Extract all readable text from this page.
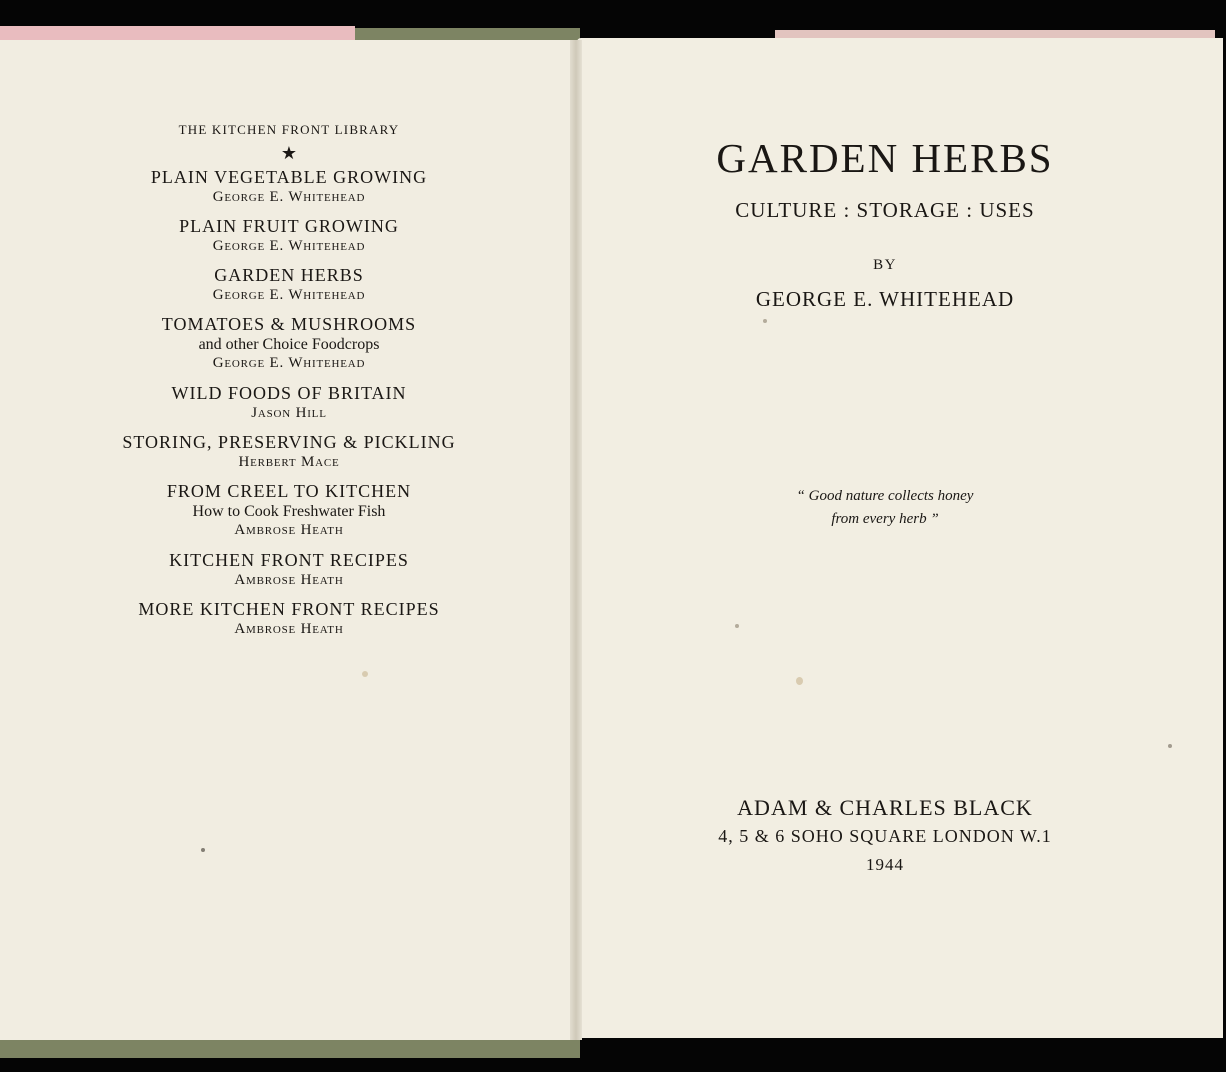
THE KITCHEN FRONT LIBRARY
★
PLAIN VEGETABLE GROWING
George E. Whitehead
PLAIN FRUIT GROWING
George E. Whitehead
GARDEN HERBS
George E. Whitehead
TOMATOES & MUSHROOMS
and other Choice Foodcrops
George E. Whitehead
WILD FOODS OF BRITAIN
Jason Hill
STORING, PRESERVING & PICKLING
Herbert Mace
FROM CREEL TO KITCHEN
How to Cook Freshwater Fish
Ambrose Heath
KITCHEN FRONT RECIPES
Ambrose Heath
MORE KITCHEN FRONT RECIPES
Ambrose Heath
GARDEN HERBS
CULTURE : STORAGE : USES
BY
GEORGE E. WHITEHEAD
“ Good nature collects honey
from every herb ”
ADAM & CHARLES BLACK
4, 5 & 6 SOHO SQUARE LONDON W.1
1944
